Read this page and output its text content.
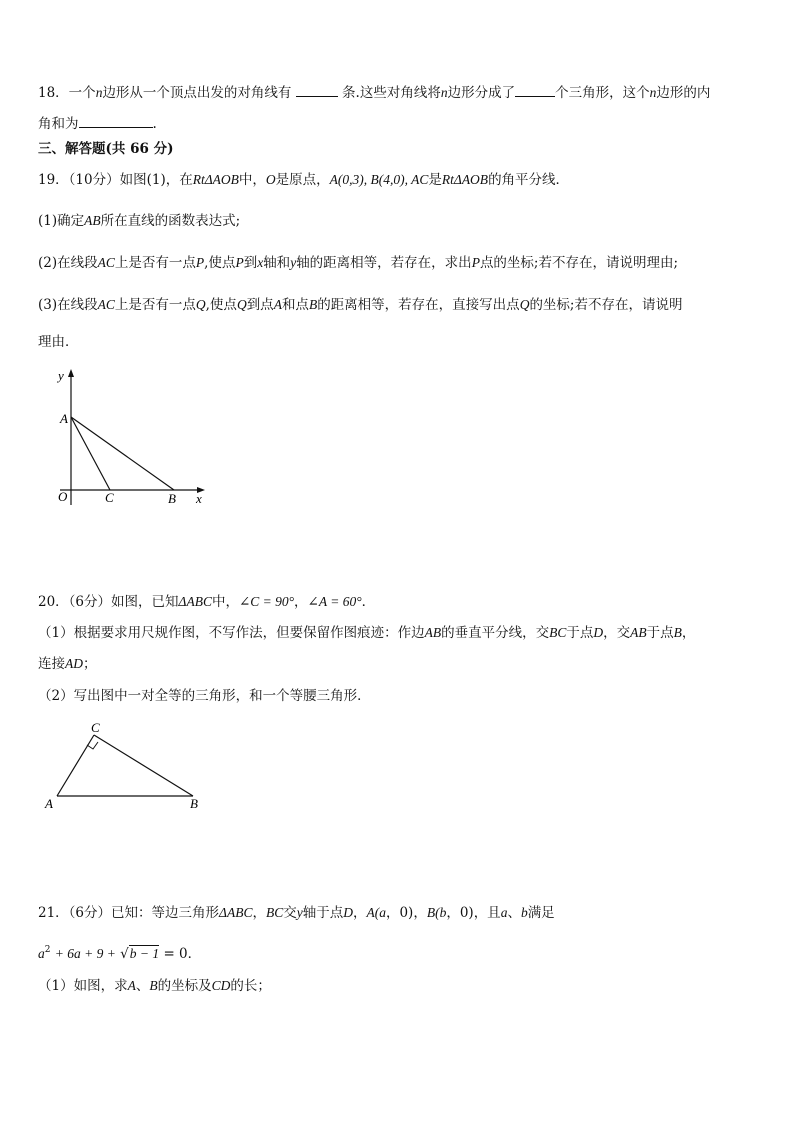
18．一个n边形从一个顶点出发的对角线有	条.这些对角线将n边形分成了	个三角形，这个n边形的内
角和为	.
三、解答题(共 66 分)
19．（10分）如图(1)，在RtΔAOB中，O是原点，A(0,3), B(4,0), AC是RtΔAOB的角平分线．
(1)确定AB所在直线的函数表达式;
(2)在线段AC上是否有一点P,使点P到x轴和y轴的距离相等，若存在，求出P点的坐标;若不存在，请说明理由;
(3)在线段AC上是否有一点Q,使点Q到点A和点B的距离相等，若存在，直接写出点Q的坐标;若不存在，请说明
理由．
y
x
A
O	C	B
20．（6分）如图，已知ΔABC中，∠C = 90°，∠A = 60°．
（1）根据要求用尺规作图，不写作法，但要保留作图痕迹：作边AB的垂直平分线，交BC于点D，交AB于点B，
连接AD；
（2）写出图中一对全等的三角形，和一个等腰三角形．
C
A	B
21．（6分）已知：等边三角形ΔABC，BC交y轴于点D，A(a，0)，B(b，0)，且a、b满足
$a^2 + 6a + 9 + √b - 1 = 0$．
（1）如图，求A、B的坐标及CD的长；
